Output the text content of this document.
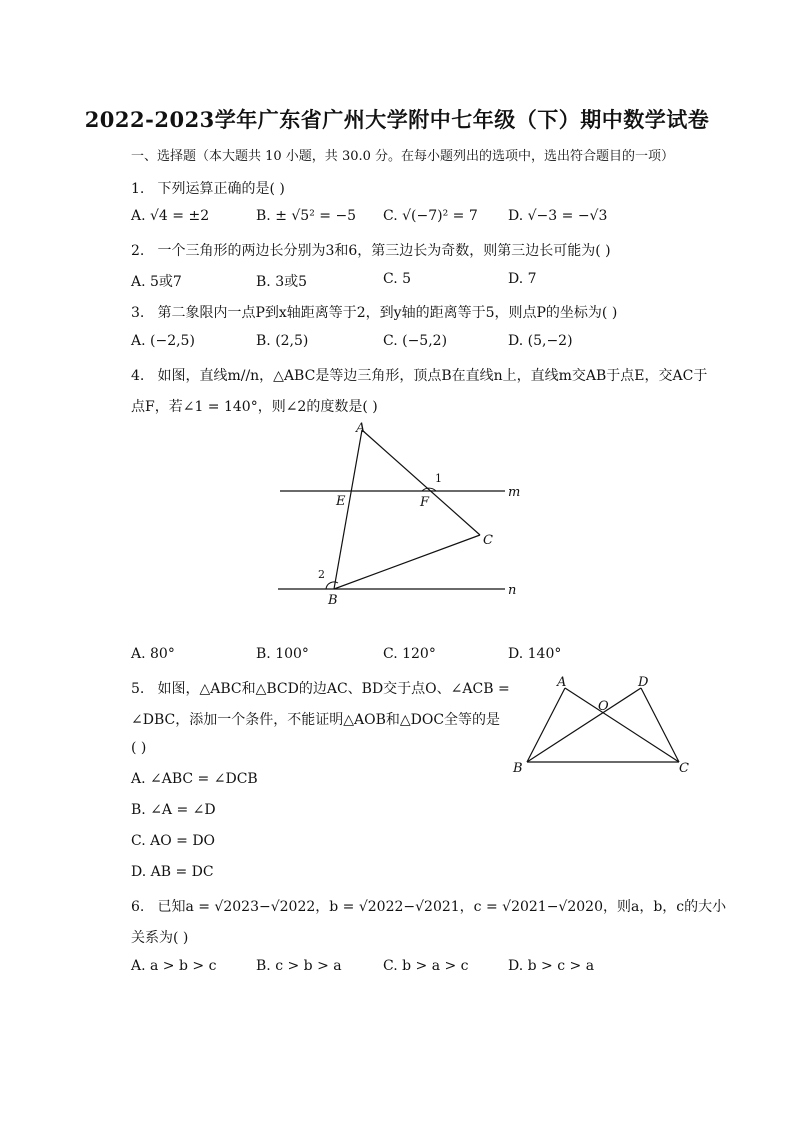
2022-2023学年广东省广州大学附中七年级（下）期中数学试卷
一、选择题（本大题共 10 小题，共 30.0 分。在每小题列出的选项中，选出符合题目的一项）
1. 下列运算正确的是( )
A. √4 = ±2	B. ± √5² = −5 C. √(−7)² = 7 D. √−3 = −√3
2. 一个三角形的两边长分别为3和6，第三边长为奇数，则第三边长可能为( )
A. 5或7	B. 3或5	C. 5	D. 7
3. 第二象限内一点P到x轴距离等于2，到y轴的距离等于5，则点P的坐标为( )
A. (−2,5)	B. (2,5)	C. (−5,2)	D. (5,−2)
4. 如图，直线m//n，△ABC是等边三角形，顶点B在直线n上，直线m交AB于点E，交AC于
点F，若∠1 = 140°，则∠2的度数是( )
A
E	F
1
m
C
2
B
n
A. 80°	B. 100°	C. 120°	D. 140°
5. 如图，△ABC和△BCD的边AC、BD交于点O、∠ACB =
∠DBC，添加一个条件，不能证明△AOB和△DOC全等的是
( )
A
O
D
B	C
A. ∠ABC = ∠DCB
B. ∠A = ∠D
C. AO = DO
D. AB = DC
6. 已知a = √2023−√2022，b = √2022−√2021，c = √2021−√2020，则a，b，c的大小
关系为( )
A. a > b > c	B. c > b > a	C. b > a > c	D. b > c > a
